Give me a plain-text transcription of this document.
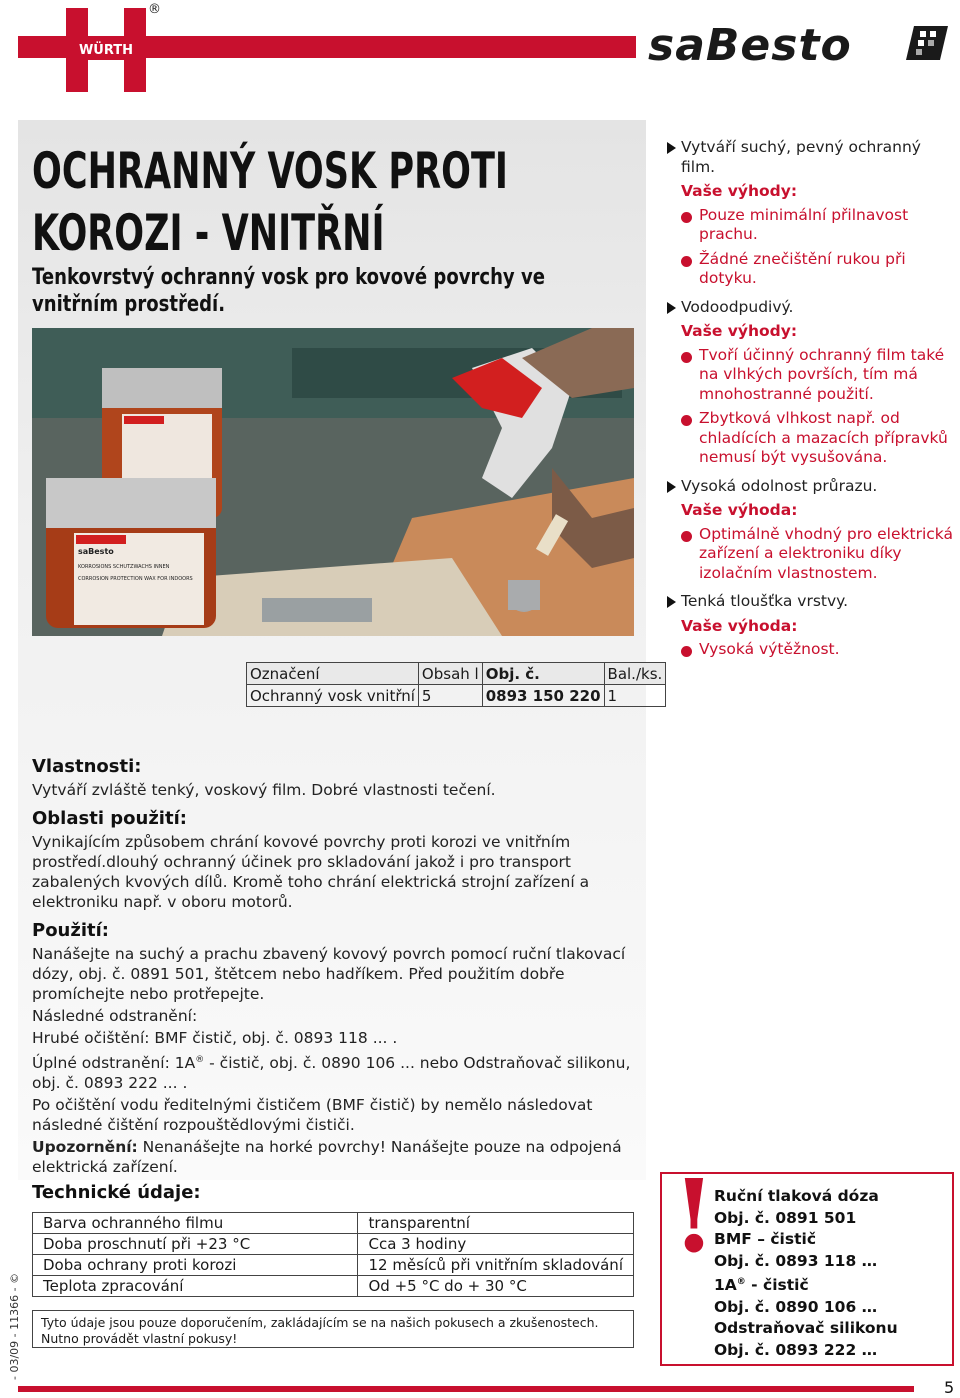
WÜRTH
®
saBesto
OCHRANNÝ VOSK PROTI
KOROZI - VNITŘNÍ
Tenkovrstvý ochranný vosk pro kovové povrchy ve
vnitřním prostředí.
saBesto
KORROSIONS SCHUTZWACHS INNEN
CORROSION PROTECTION WAX FOR INDOORS
Označení	Obsah l	Obj. č.	Bal./ks.
Ochranný vosk vnitřní	5	0893 150 220	1
Vytváří suchý, pevný ochranný film.
Vaše výhody:
Pouze minimální přilnavost prachu.
Žádné znečištění rukou při dotyku.
Vodoodpudivý.
Vaše výhody:
Tvoří účinný ochranný film také na vlhkých površích, tím má mnohostranné použití.
Zbytková vlhkost např. od chladících a mazacích přípravků nemusí být vysušována.
Vysoká odolnost průrazu.
Vaše výhoda:
Optimálně vhodný pro elektrická zařízení a elektroniku díky izolačním vlastnostem.
Tenká tloušťka vrstvy.
Vaše výhoda:
Vysoká výtěžnost.
Vlastnosti:
Vytváří zvláště tenký, voskový film. Dobré vlastnosti tečení.
Oblasti použití:
Vynikajícím způsobem chrání kovové povrchy proti korozi ve vnitřním prostředí.dlouhý ochranný účinek pro skladování jakož i pro transport zabalených kvových dílů. Kromě toho chrání elektrická strojní zařízení a elektroniku např. v oboru motorů.
Použití:
Nanášejte na suchý a prachu zbavený kovový povrch pomocí ruční tlakovací dózy, obj. č. 0891 501, štětcem nebo hadříkem. Před použitím dobře promíchejte nebo protřepejte.
Následné odstranění:
Hrubé očištění: BMF čistič, obj. č. 0893 118 ... .
Úplné odstranění: 1A® - čistič, obj. č. 0890 106 ... nebo Odstraňovač silikonu, obj. č. 0893 222 ... .
Po očištění vodu ředitelnými čističem (BMF čistič) by nemělo následovat následné čištění rozpouštědlovými čističi.
Upozornění: Nenanášejte na horké povrchy! Nanášejte pouze na odpojená elektrická zařízení.
Technické údaje:
Barva ochranného filmu	transparentní
Doba proschnutí při +23 °C	Cca 3 hodiny
Doba ochrany proti korozi	12 měsíců při vnitřním skladování
Teplota zpracování	Od +5 °C do + 30 °C
Tyto údaje jsou pouze doporučením, zakládajícím se na našich pokusech a zkušenostech. Nutno provádět vlastní pokusy!
!
Ruční tlaková dóza
Obj. č. 0891 501
BMF – čistič
Obj. č. 0893 118 …
1A® - čistič
Obj. č. 0890 106 …
Odstraňovač silikonu
Obj. č. 0893 222 …
- 03/09 - 11366 - ©
5
